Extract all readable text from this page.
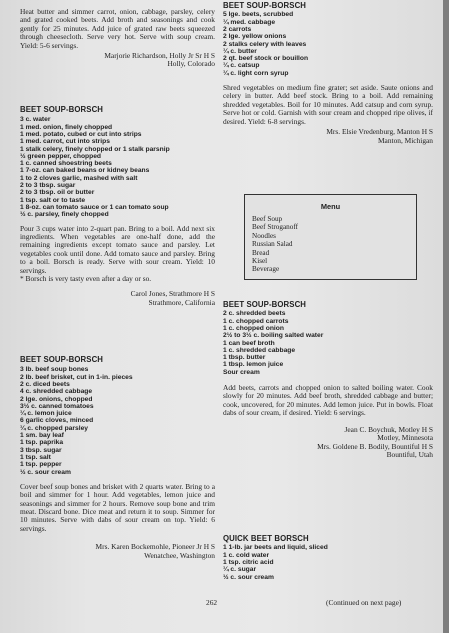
Heat butter and simmer carrot, onion, cabbage, parsley, celery and grated cooked beets. Add broth and seasonings and cook gently for 25 minutes. Add juice of grated raw beets squeezed through cheesecloth. Serve very hot. Serve with soup cream. Yield: 5-6 servings.
Marjorie Richardson, Holly Jr Sr H S
Holly, Colorado
BEET SOUP-BORSCH
3 c. water
1 med. onion, finely chopped
1 med. potato, cubed or cut into strips
1 med. carrot, cut into strips
1 stalk celery, finely chopped or 1 stalk parsnip
½ green pepper, chopped
1 c. canned shoestring beets
1 7-oz. can baked beans or kidney beans
1 to 2 cloves garlic, mashed with salt
2 to 3 tbsp. sugar
2 to 3 tbsp. oil or butter
1 tsp. salt or to taste
1 8-oz. can tomato sauce or 1 can tomato soup
½ c. parsley, finely chopped
Pour 3 cups water into 2-quart pan. Bring to a boil. Add next six ingredients. When vegetables are one-half done, add the remaining ingredients except tomato sauce and parsley. Let vegetables cook until done. Add tomato sauce and parsley. Bring to a boil. Borsch is ready. Serve with sour cream. Yield: 10 servings.
* Borsch is very tasty even after a day or so.
Carol Jones, Strathmore H S
Strathmore, California
BEET SOUP-BORSCH
3 lb. beef soup bones
2 lb. beef brisket, cut in 1-in. pieces
2 c. diced beets
4 c. shredded cabbage
2 lge. onions, chopped
3½ c. canned tomatoes
¼ c. lemon juice
6 garlic cloves, minced
¼ c. chopped parsley
1 sm. bay leaf
1 tsp. paprika
3 tbsp. sugar
1 tsp. salt
1 tsp. pepper
½ c. sour cream
Cover beef soup bones and brisket with 2 quarts water. Bring to a boil and simmer for 1 hour. Add vegetables, lemon juice and seasonings and simmer for 2 hours. Remove soup bone and trim meat. Discard bone. Dice meat and return it to soup. Simmer for 10 minutes. Serve with dabs of sour cream on top. Yield: 6 servings.
Mrs. Karen Bockemohle, Pioneer Jr H S
Wenatchee, Washington
BEET SOUP-BORSCH
5 lge. beets, scrubbed
¼ med. cabbage
2 carrots
2 lge. yellow onions
2 stalks celery with leaves
¼ c. butter
2 qt. beef stock or bouillon
¼ c. catsup
¼ c. light corn syrup
Shred vegetables on medium fine grater; set aside. Saute onions and celery in butter. Add beef stock. Bring to a boil. Add remaining shredded vegetables. Boil for 10 minutes. Add catsup and corn syrup. Serve hot or cold. Garnish with sour cream and chopped ripe olives, if desired. Yield: 6-8 servings.
Mrs. Elsie Vredenburg, Manton H S
Manton, Michigan
Menu
Beef Soup
Beef Stroganoff
Noodles
Russian Salad
Bread
Kisel
Beverage
BEET SOUP-BORSCH
2 c. shredded beets
1 c. chopped carrots
1 c. chopped onion
2½ to 3½ c. boiling salted water
1 can beef broth
1 c. shredded cabbage
1 tbsp. butter
1 tbsp. lemon juice
Sour cream
Add beets, carrots and chopped onion to salted boiling water. Cook slowly for 20 minutes. Add beef broth, shredded cabbage and butter; cook, uncovered, for 20 minutes. Add lemon juice. Put in bowls. Float dabs of sour cream, if desired. Yield: 6 servings.
Jean C. Boychuk, Motley H S
Motley, Minnesota
Mrs. Goldene B. Bodily, Bountiful H S
Bountiful, Utah
QUICK BEET BORSCH
1 1-lb. jar beets and liquid, sliced
1 c. cold water
1 tsp. citric acid
¼ c. sugar
½ c. sour cream
262	(Continued on next page)
